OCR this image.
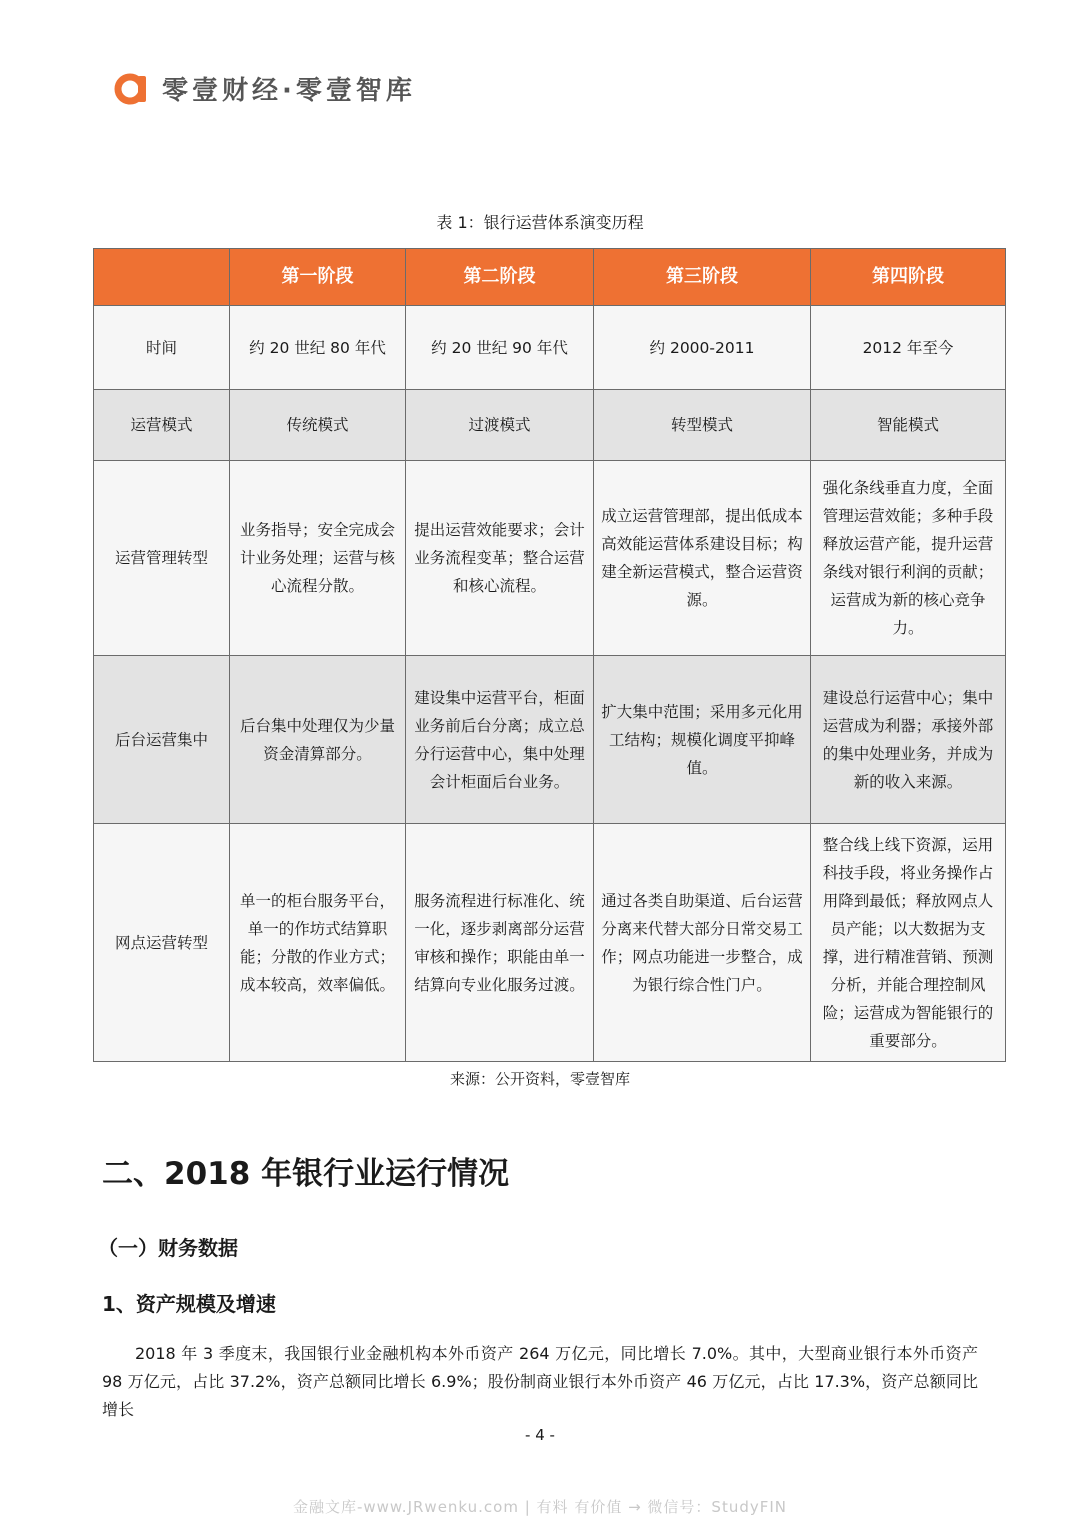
零壹财经·零壹智库
表 1：银行运营体系演变历程
	第一阶段	第二阶段	第三阶段	第四阶段
时间	约 20 世纪 80 年代	约 20 世纪 90 年代	约 2000-2011	2012 年至今
运营模式	传统模式	过渡模式	转型模式	智能模式
运营管理转型	业务指导；安全完成会计业务处理；运营与核心流程分散。	提出运营效能要求；会计业务流程变革；整合运营和核心流程。	成立运营管理部，提出低成本高效能运营体系建设目标；构建全新运营模式，整合运营资源。	强化条线垂直力度，全面管理运营效能；多种手段释放运营产能，提升运营条线对银行利润的贡献；运营成为新的核心竞争力。
后台运营集中	后台集中处理仅为少量资金清算部分。	建设集中运营平台，柜面业务前后台分离；成立总分行运营中心，集中处理会计柜面后台业务。	扩大集中范围；采用多元化用工结构；规模化调度平抑峰值。	建设总行运营中心；集中运营成为利器；承接外部的集中处理业务，并成为新的收入来源。
网点运营转型	单一的柜台服务平台，单一的作坊式结算职能；分散的作业方式；成本较高，效率偏低。	服务流程进行标准化、统一化，逐步剥离部分运营审核和操作；职能由单一结算向专业化服务过渡。	通过各类自助渠道、后台运营分离来代替大部分日常交易工作；网点功能进一步整合，成为银行综合性门户。	整合线上线下资源，运用科技手段，将业务操作占用降到最低；释放网点人员产能；以大数据为支撑，进行精准营销、预测分析，并能合理控制风险；运营成为智能银行的重要部分。
来源：公开资料，零壹智库
二、2018 年银行业运行情况
（一）财务数据
1、资产规模及增速
2018 年 3 季度末，我国银行业金融机构本外币资产 264 万亿元，同比增长 7.0%。其中，大型商业银行本外币资产 98 万亿元，占比 37.2%，资产总额同比增长 6.9%；股份制商业银行本外币资产 46 万亿元，占比 17.3%，资产总额同比增长
- 4 -
金融文库-www.JRwenku.com | 有料 有价值 → 微信号：StudyFIN
